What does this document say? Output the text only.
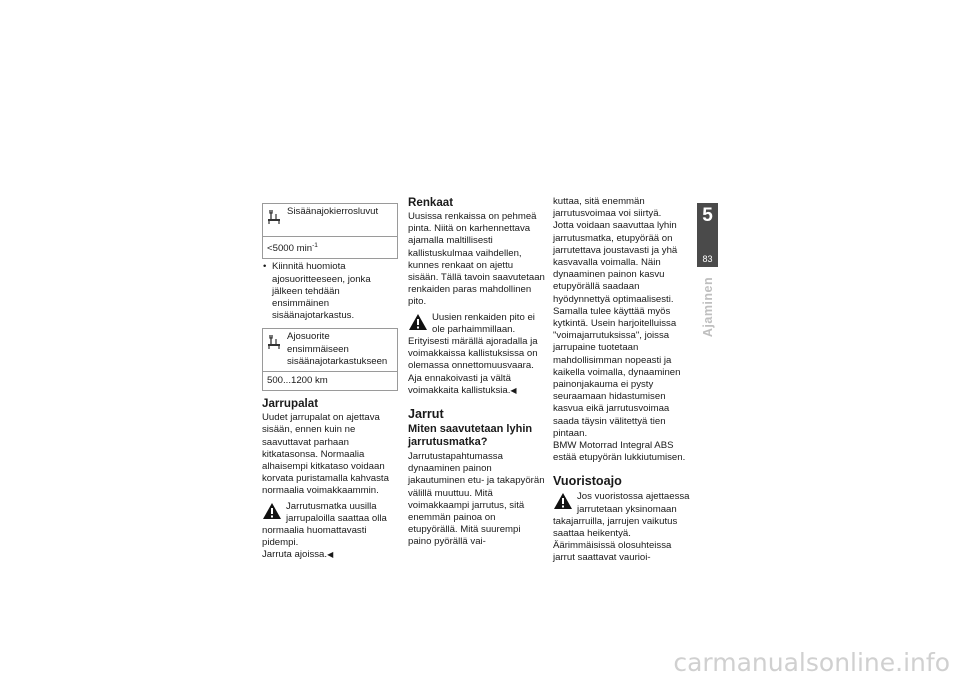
Sisäänajokierrosluvut
<5000 $\min^{-1}$
• Kiinnitä huomiota ajosuoritteeseen, jonka jälkeen tehdään ensimmäinen sisäänajotarkastus.
Ajosuorite ensimmäiseen sisäänajotarkastukseen
500...1200 km
Jarrupalat

Uudet jarrupalat on ajettava sisään, ennen kuin ne saavuttavat parhaan kitkatasonsa. Normaalia alhaisempi kitkataso voidaan korvata puristamalla kahvasta normaalia voimakkaammin.

Jarrutusmatka uusilla jarrupaloilla saattaa olla normaalia huomattavasti pidempi.
Jarruta ajoissa.◀
Renkaat

Uusissa renkaissa on pehmeä pinta. Niitä on karhennettava ajamalla maltillisesti kallistuskulmaa vaihdellen, kunnes renkaat on ajettu sisään. Tällä tavoin saavutetaan renkaiden paras mahdollinen pito.

Uusien renkaiden pito ei ole parhaimmillaan. Erityisesti märällä ajoradalla ja voimakkaissa kallistuksissa on olemassa onnettomuusvaara.
Aja ennakoivasti ja vältä voimakkaita kallistuksia.◀
Jarrut
Miten saavutetaan lyhin jarrutusmatka?

Jarrutustapahtumassa dynaaminen painon jakautuminen etu- ja takapyörän välillä muuttuu. Mitä voimakkaampi jarrutus, sitä enemmän painoa on etupyörällä. Mitä suurempi paino pyörällä vai-

kuttaa, sitä enemmän jarrutusvoimaa voi siirtyä.

Jotta voidaan saavuttaa lyhin jarrutusmatka, etupyörää on jarrutettava joustavasti ja yhä kasvavalla voimalla. Näin dynaaminen painon kasvu etupyörällä saadaan hyödynnettyä optimaalisesti. Samalla tulee käyttää myös kytkintä. Usein harjoitelluissa "voimajarrutuksissa", joissa jarrupaine tuotetaan mahdollisimman nopeasti ja kaikella voimalla, dynaaminen painonjakauma ei pysty seuraamaan hidastumisen kasvua eikä jarrutusvoimaa saada täysin välitettyä tien pintaan.

BMW Motorrad Integral ABS estää etupyörän lukkiutumisen.

Vuoristoajo
Jos vuoristossa ajettaessa jarrutetaan yksinomaan takajarruilla, jarrujen vaikutus saattaa heikentyä. Äärimmäisissä olosuhteissa jarrut saattavat vaurioi-
5
83
Ajaminen
carmanualsonline.info
